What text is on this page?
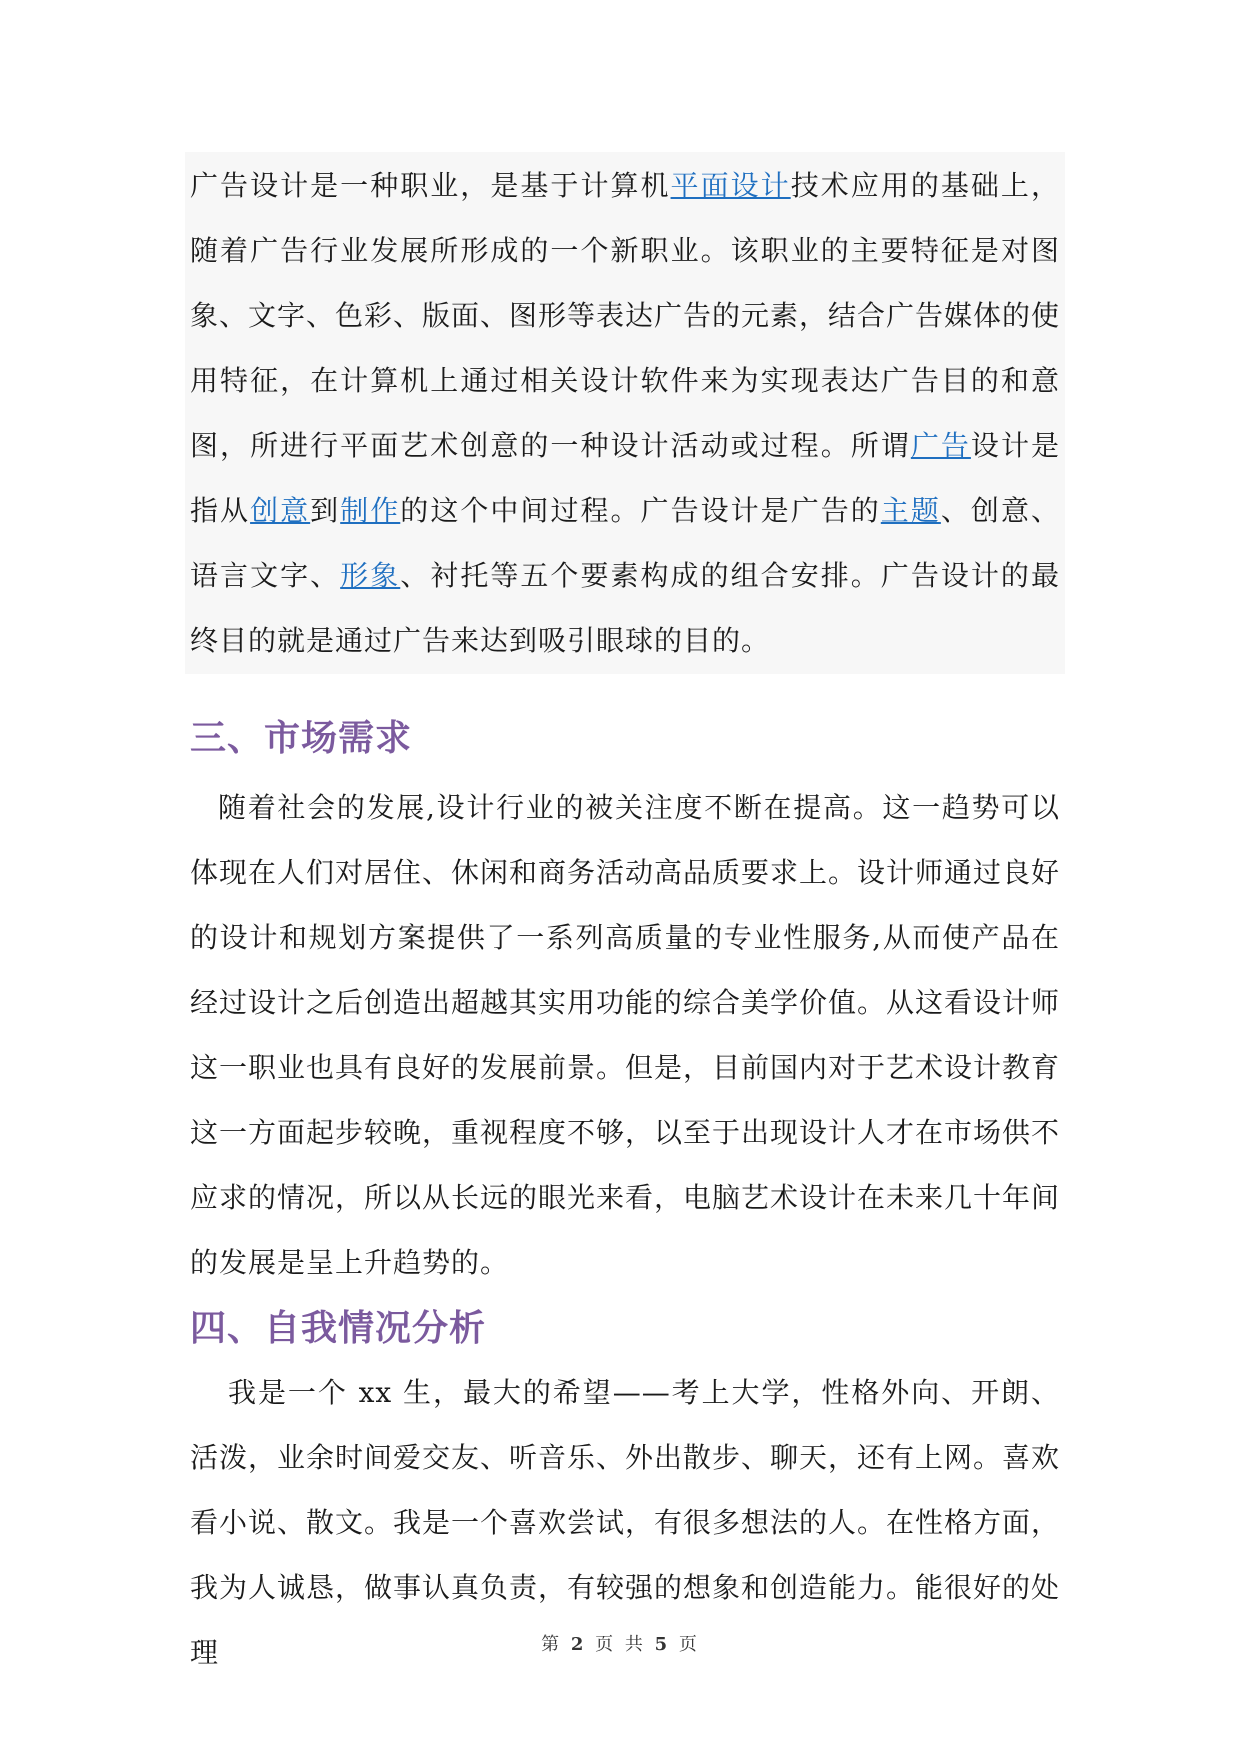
广告设计是一种职业，是基于计算机平面设计技术应用的基础上，随着广告行业发展所形成的一个新职业。该职业的主要特征是对图象、文字、色彩、版面、图形等表达广告的元素，结合广告媒体的使用特征，在计算机上通过相关设计软件来为实现表达广告目的和意图，所进行平面艺术创意的一种设计活动或过程。所谓广告设计是指从创意到制作的这个中间过程。广告设计是广告的主题、创意、语言文字、形象、衬托等五个要素构成的组合安排。广告设计的最终目的就是通过广告来达到吸引眼球的目的。

三、市场需求

随着社会的发展,设计行业的被关注度不断在提高。这一趋势可以体现在人们对居住、休闲和商务活动高品质要求上。设计师通过良好的设计和规划方案提供了一系列高质量的专业性服务,从而使产品在经过设计之后创造出超越其实用功能的综合美学价值。从这看设计师这一职业也具有良好的发展前景。但是，目前国内对于艺术设计教育这一方面起步较晚，重视程度不够，以至于出现设计人才在市场供不应求的情况，所以从长远的眼光来看，电脑艺术设计在未来几十年间的发展是呈上升趋势的。

四、自我情况分析

我是一个 xx 生，最大的希望——考上大学，性格外向、开朗、活泼，业余时间爱交友、听音乐、外出散步、聊天，还有上网。喜欢看小说、散文。我是一个喜欢尝试，有很多想法的人。在性格方面，我为人诚恳，做事认真负责，有较强的想象和创造能力。能很好的处理	第 2 页 共 5 页
